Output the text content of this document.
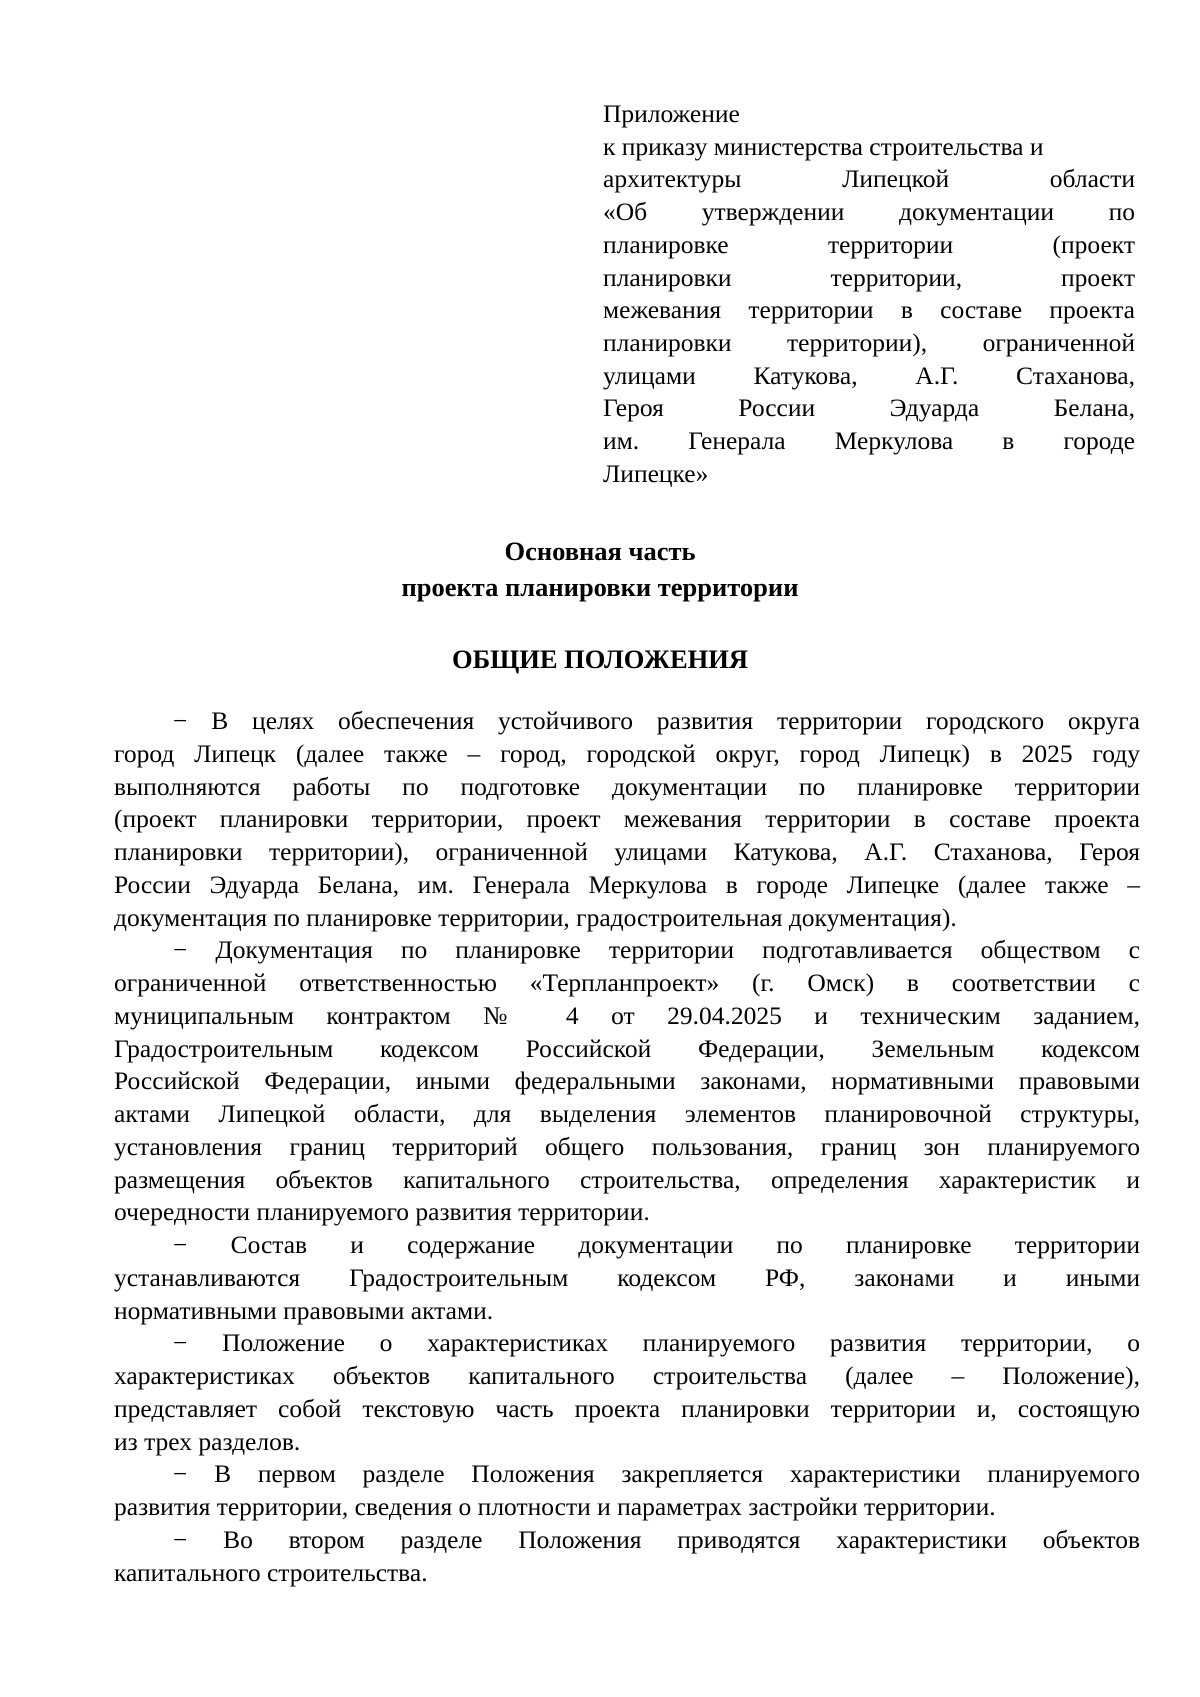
Приложение
к приказу министерства строительства и
архитектуры Липецкой области
«Об утверждении документации по
планировке территории (проект
планировки территории, проект
межевания территории в составе проекта
планировки территории), ограниченной
улицами Катукова, А.Г. Стаханова,
Героя России Эдуарда Белана,
им. Генерала Меркулова в городе
Липецке»
Основная часть
проекта планировки территории
ОБЩИЕ ПОЛОЖЕНИЯ
− В целях обеспечения устойчивого развития территории городского округа
город Липецк (далее также – город, городской округ, город Липецк) в 2025 году
выполняются работы по подготовке документации по планировке территории
(проект планировки территории, проект межевания территории в составе проекта
планировки территории), ограниченной улицами Катукова, А.Г. Стаханова, Героя
России Эдуарда Белана, им. Генерала Меркулова в городе Липецке (далее также –
документация по планировке территории, градостроительная документация).
− Документация по планировке территории подготавливается обществом с
ограниченной ответственностью «Терпланпроект» (г. Омск) в соответствии с
муниципальным контрактом № 4 от 29.04.2025 и техническим заданием,
Градостроительным кодексом Российской Федерации, Земельным кодексом
Российской Федерации, иными федеральными законами, нормативными правовыми
актами Липецкой области, для выделения элементов планировочной структуры,
установления границ территорий общего пользования, границ зон планируемого
размещения объектов капитального строительства, определения характеристик и
очередности планируемого развития территории.
− Состав и содержание документации по планировке территории
устанавливаются Градостроительным кодексом РФ, законами и иными
нормативными правовыми актами.
− Положение о характеристиках планируемого развития территории, о
характеристиках объектов капитального строительства (далее – Положение),
представляет собой текстовую часть проекта планировки территории и, состоящую
из трех разделов.
− В первом разделе Положения закрепляется характеристики планируемого
развития территории, сведения о плотности и параметрах застройки территории.
− Во втором разделе Положения приводятся характеристики объектов
капитального строительства.
